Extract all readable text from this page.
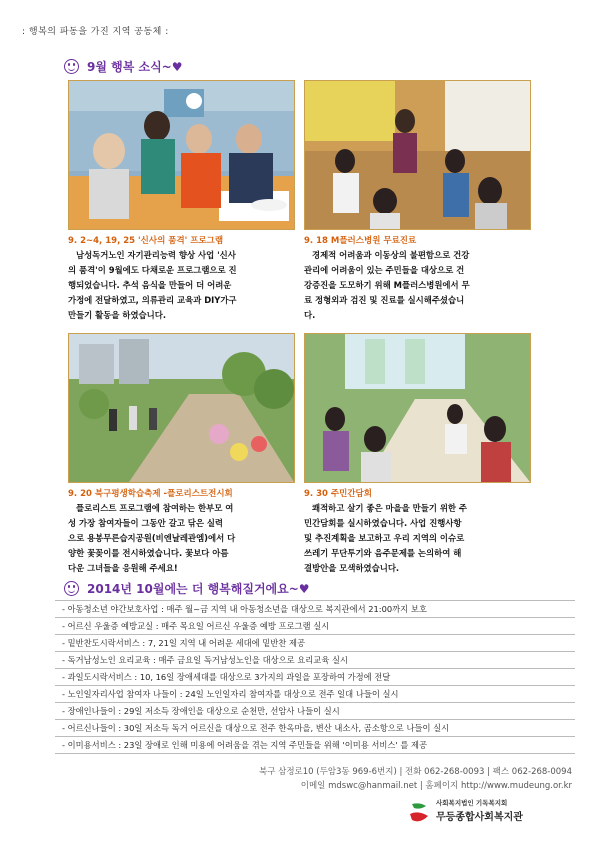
: 행복의 파동을 가진 지역 공동체 :
9월 행복 소식~♥
9. 2~4, 19, 25 '신사의 품격' 프로그램
남성독거노인 자기관리능력 향상 사업 '신사
의 품격'이 9월에도 다채로운 프로그램으로 진
행되었습니다. 추석 음식을 만들어 더 어려운
가정에 전달하였고, 의류관리 교육과 DIY가구
만들기 활동을 하였습니다.
9. 18 M플러스병원 무료진료
경제적 어려움과 이동상의 불편함으로 건강
관리에 어려움이 있는 주민들을 대상으로 건
강증진을 도모하기 위해 M플러스병원에서 무
료 정형외과 검진 및 진료를 실시해주셨습니
다.
9. 20 북구평생학습축제 -플로리스트전시회
플로리스트 프로그램에 참여하는 한부모 여
성 가장 참여자들이 그동안 갈고 닦은 실력
으로 용봉무른습지공원(비엔날레관엠)에서 다
양한 꽃꽂이를 전시하였습니다. 꽃보다 아름
다운 그녀들을 응원해 주세요!
9. 30 주민간담회
쾌적하고 살기 좋은 마을을 만들기 위한 주
민간담회를 실시하였습니다. 사업 진행사항
및 추진계획을 보고하고 우리 지역의 이슈로
쓰레기 무단투기와 음주문제를 논의하여 해
결방안을 모색하였습니다.
2014년 10월에는 더 행복해질거에요~♥
- 아동청소년 야간보호사업 : 매주 월~금 지역 내 아동청소년을 대상으로 복지관에서 21:00까지 보호
- 어르신 우울증 예방교실 : 매주 목요일 어르신 우울증 예방 프로그램 실시
- 밑반찬도시락서비스 : 7, 21일 지역 내 어려운 세대에 밑반찬 제공
- 독거남성노인 요리교육 : 매주 금요일 독거남성노인을 대상으로 요리교육 실시
- 과일도시락서비스 : 10, 16일 장애세대를 대상으로 3가지의 과일을 포장하여 가정에 전달
- 노인일자리사업 참여자 나들이 : 24일 노인일자리 참여자를 대상으로 전주 일대 나들이 실시
- 장애인나들이 : 29일 저소득 장애인을 대상으로 순천만, 선암사 나들이 실시
- 어르신나들이 : 30일 저소득 독거 어르신을 대상으로 전주 한옥마을, 변산 내소사, 곰소항으로 나들이 실시
- 이미용서비스 : 23일 장애로 인해 미용에 어려움을 겪는 지역 주민들을 위해 '이미용 서비스' 를 제공
북구 삼정로10 (두암3동 969-6번지) | 전화 062-268-0093 | 팩스 062-268-0094
이메일 mdswc@hanmail.net | 홈페이지 http://www.mudeung.or.kr
사회복지법인 기독복지회
무등종합사회복지관
